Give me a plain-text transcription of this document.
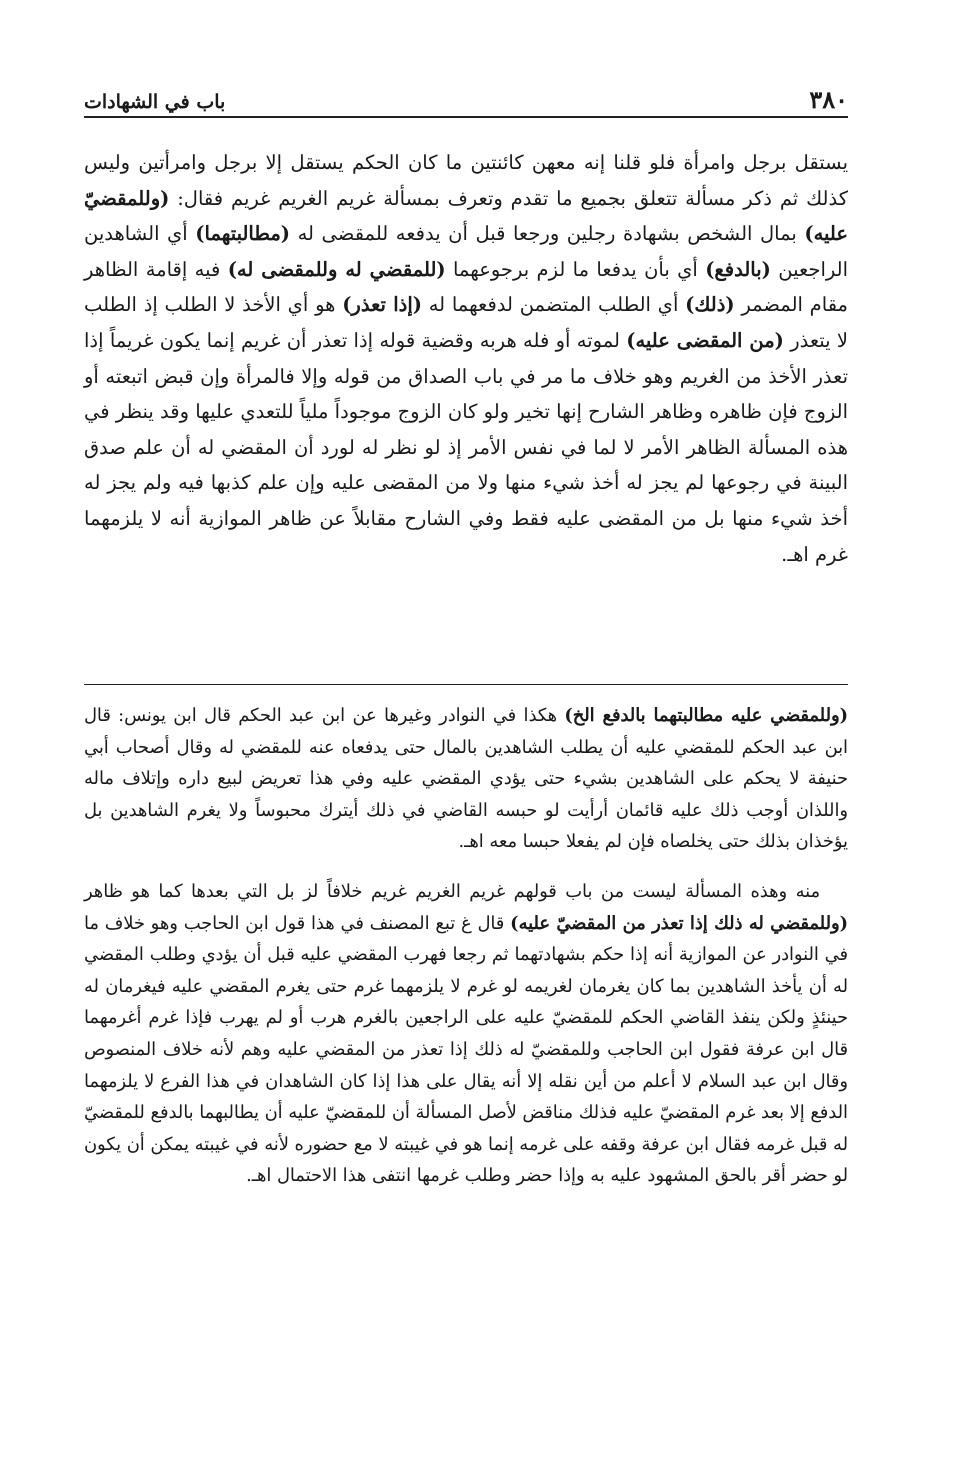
٣٨٠
باب في الشهادات

يستقل برجل وامرأة فلو قلنا إنه معهن كائنتين ما كان الحكم يستقل إلا برجل وامرأتين وليس كذلك ثم ذكر مسألة تتعلق بجميع ما تقدم وتعرف بمسألة غريم الغريم غريم فقال: (وللمقضيّ عليه) بمال الشخص بشهادة رجلين ورجعا قبل أن يدفعه للمقضى له (مطالبتهما) أي الشاهدين الراجعين (بالدفع) أي بأن يدفعا ما لزم برجوعهما (للمقضي له وللمقضى له) فيه إقامة الظاهر مقام المضمر (ذلك) أي الطلب المتضمن لدفعهما له (إذا تعذر) هو أي الأخذ لا الطلب إذ الطلب لا يتعذر (من المقضى عليه) لموته أو فله هربه وقضية قوله إذا تعذر أن غريم إنما يكون غريماً إذا تعذر الأخذ من الغريم وهو خلاف ما مر في باب الصداق من قوله وإلا فالمرأة وإن قبض اتبعته أو الزوج فإن ظاهره وظاهر الشارح إنها تخير ولو كان الزوج موجوداً ملياً للتعدي عليها وقد ينظر في هذه المسألة الظاهر الأمر لا لما في نفس الأمر إذ لو نظر له لورد أن المقضي له أن علم صدق البينة في رجوعها لم يجز له أخذ شيء منها ولا من المقضى عليه وإن علم كذبها فيه ولم يجز له أخذ شيء منها بل من المقضى عليه فقط وفي الشارح مقابلاً عن ظاهر الموازية أنه لا يلزمهما غرم اهـ.

(وللمقضي عليه مطالبتهما بالدفع الخ) هكذا في النوادر وغيرها عن ابن عبد الحكم قال ابن يونس: قال ابن عبد الحكم للمقضي عليه أن يطلب الشاهدين بالمال حتى يدفعاه عنه للمقضي له وقال أصحاب أبي حنيفة لا يحكم على الشاهدين بشيء حتى يؤدي المقضي عليه وفي هذا تعريض لبيع داره وإتلاف ماله واللذان أوجب ذلك عليه قائمان أرأيت لو حبسه القاضي في ذلك أيترك محبوساً ولا يغرم الشاهدين بل يؤخذان بذلك حتى يخلصاه فإن لم يفعلا حبسا معه اهـ.

منه وهذه المسألة ليست من باب قولهم غريم الغريم غريم خلافاً لز بل التي بعدها كما هو ظاهر (وللمقضي له ذلك إذا تعذر من المقضيّ عليه) قال غ تبع المصنف في هذا قول ابن الحاجب وهو خلاف ما في النوادر عن الموازية أنه إذا حكم بشهادتهما ثم رجعا فهرب المقضي عليه قبل أن يؤدي وطلب المقضي له أن يأخذ الشاهدين بما كان يغرمان لغريمه لو غرم لا يلزمهما غرم حتى يغرم المقضي عليه فيغرمان له حينئذٍ ولكن ينفذ القاضي الحكم للمقضيّ عليه على الراجعين بالغرم هرب أو لم يهرب فإذا غرم أغرمهما قال ابن عرفة فقول ابن الحاجب وللمقضيّ له ذلك إذا تعذر من المقضي عليه وهم لأنه خلاف المنصوص وقال ابن عبد السلام لا أعلم من أين نقله إلا أنه يقال على هذا إذا كان الشاهدان في هذا الفرع لا يلزمهما الدفع إلا بعد غرم المقضيّ عليه فذلك مناقض لأصل المسألة أن للمقضيّ عليه أن يطالبهما بالدفع للمقضيّ له قبل غرمه فقال ابن عرفة وقفه على غرمه إنما هو في غيبته لا مع حضوره لأنه في غيبته يمكن أن يكون لو حضر أقر بالحق المشهود عليه به وإذا حضر وطلب غرمها انتفى هذا الاحتمال اهـ.
